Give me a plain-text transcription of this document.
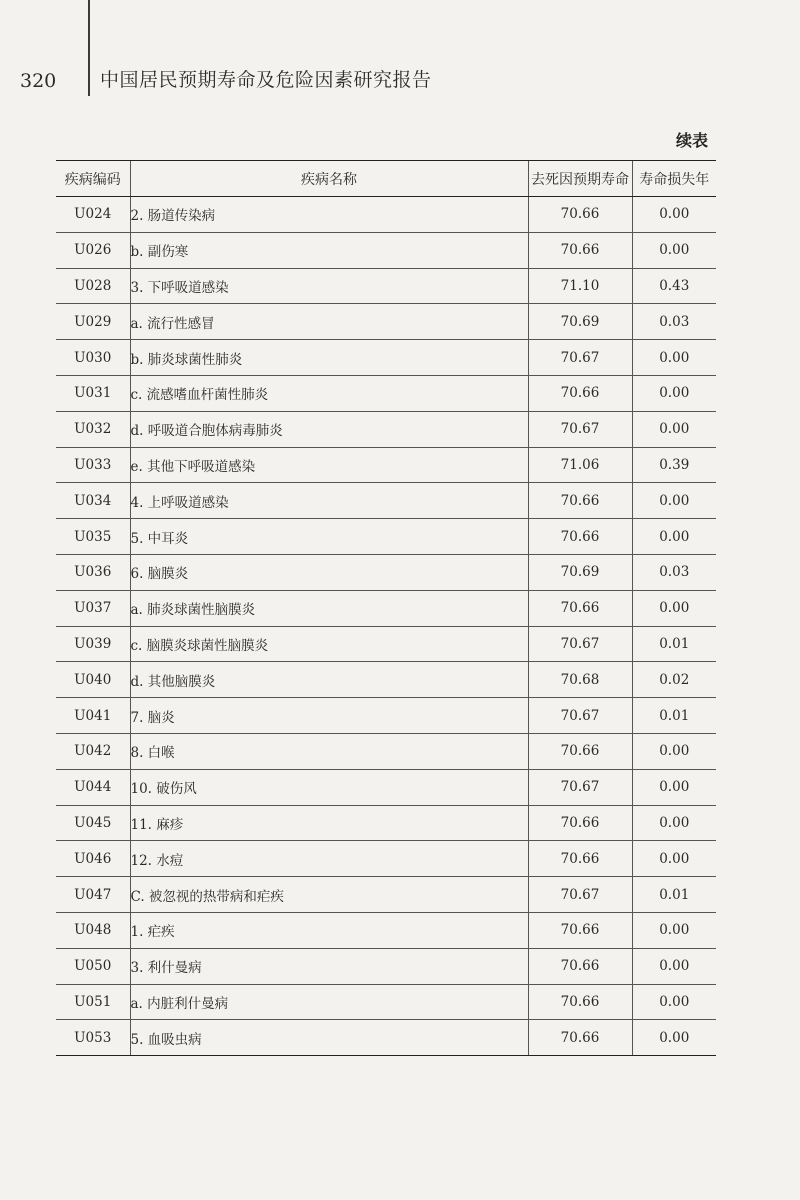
320 中国居民预期寿命及危险因素研究报告
续表
疾病编码	疾病名称	去死因预期寿命	寿命损失年
U024	2. 肠道传染病	70.66	0.00
U026	b. 副伤寒	70.66	0.00
U028	3. 下呼吸道感染	71.10	0.43
U029	a. 流行性感冒	70.69	0.03
U030	b. 肺炎球菌性肺炎	70.67	0.00
U031	c. 流感嗜血杆菌性肺炎	70.66	0.00
U032	d. 呼吸道合胞体病毒肺炎	70.67	0.00
U033	e. 其他下呼吸道感染	71.06	0.39
U034	4. 上呼吸道感染	70.66	0.00
U035	5. 中耳炎	70.66	0.00
U036	6. 脑膜炎	70.69	0.03
U037	a. 肺炎球菌性脑膜炎	70.66	0.00
U039	c. 脑膜炎球菌性脑膜炎	70.67	0.01
U040	d. 其他脑膜炎	70.68	0.02
U041	7. 脑炎	70.67	0.01
U042	8. 白喉	70.66	0.00
U044	10. 破伤风	70.67	0.00
U045	11. 麻疹	70.66	0.00
U046	12. 水痘	70.66	0.00
U047	C. 被忽视的热带病和疟疾	70.67	0.01
U048	1. 疟疾	70.66	0.00
U050	3. 利什曼病	70.66	0.00
U051	a. 内脏利什曼病	70.66	0.00
U053	5. 血吸虫病	70.66	0.00
